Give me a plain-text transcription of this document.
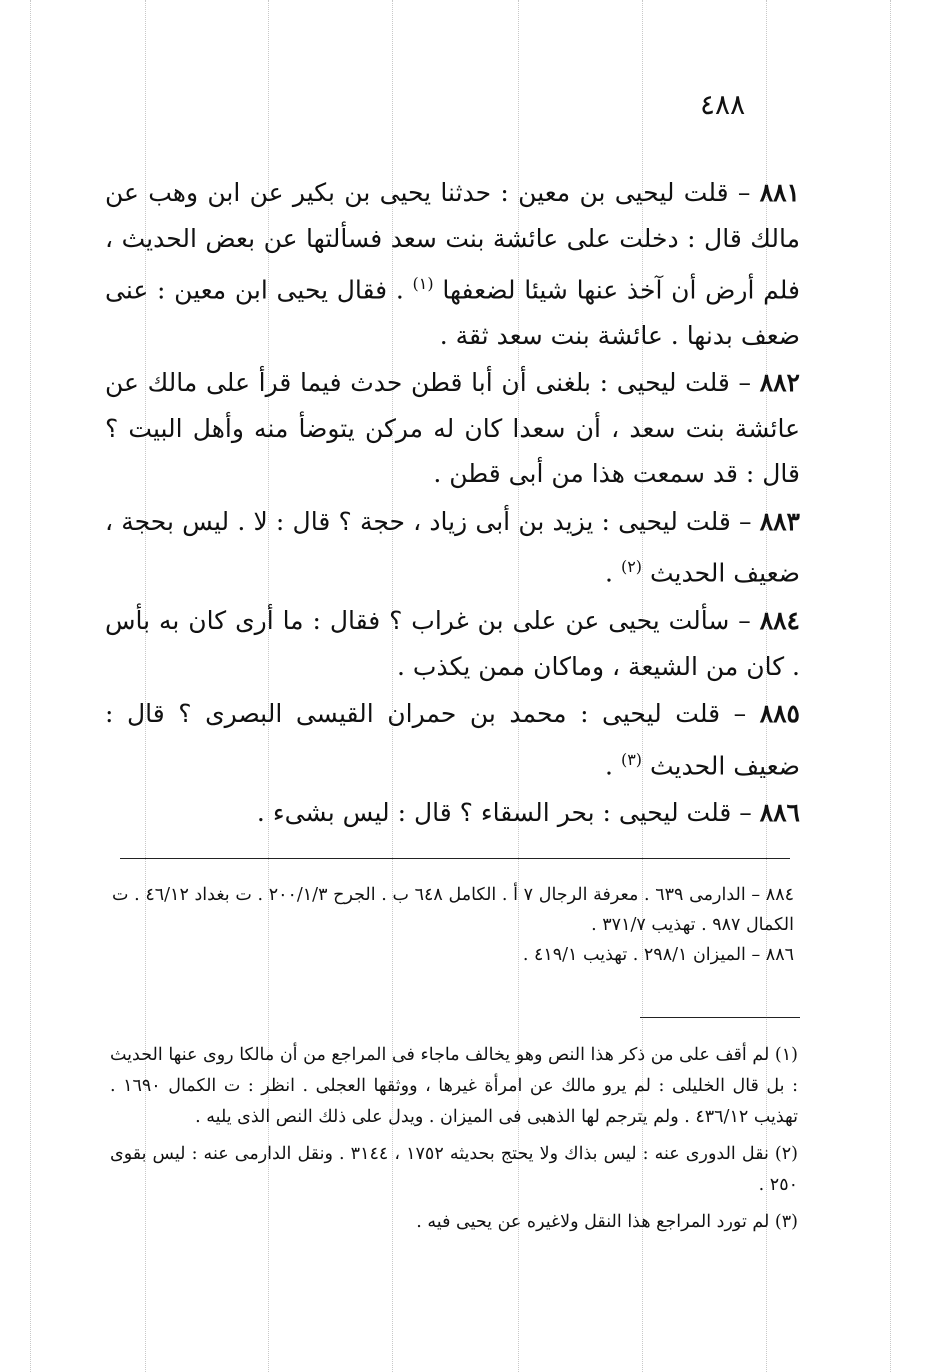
٤٨٨

٨٨١ – قلت ليحيى بن معين : حدثنا يحيى بن بكير عن ابن وهب عن مالك قال : دخلت على عائشة بنت سعد فسألتها عن بعض الحديث ، فلم أرض أن آخذ عنها شيئا لضعفها $^{(١)}$ . فقال يحيى ابن معين : عنى ضعف بدنها . عائشة بنت سعد ثقة .

٨٨٢ – قلت ليحيى : بلغنى أن أبا قطن حدث فيما قرأ على مالك عن عائشة بنت سعد ، أن سعدا كان له مركن يتوضأ منه وأهل البيت ؟ قال : قد سمعت هذا من أبى قطن .

٨٨٣ – قلت ليحيى : يزيد بن أبى زياد ، حجة ؟ قال : لا . ليس بحجة ، ضعيف الحديث $^{(٢)}$ .

٨٨٤ – سألت يحيى عن على بن غراب ؟ فقال : ما أرى كان به بأس . كان من الشيعة ، وماكان ممن يكذب .

٨٨٥ – قلت ليحيى : محمد بن حمران القيسى البصرى ؟ قال : ضعيف الحديث $^{(٣)}$ .

٨٨٦ – قلت ليحيى : بحر السقاء ؟ قال : ليس بشىء .

٨٨٤ – الدارمى ٦٣٩ . معرفة الرجال ٧ أ . الكامل ٦٤٨ ب . الجرح ٢٠٠/١/٣ . ت بغداد ٤٦/١٢ . ت الكمال ٩٨٧ . تهذيب ٣٧١/٧ .

٨٨٦ – الميزان ٢٩٨/١ . تهذيب ٤١٩/١ .

(١) لم أقف على من ذكر هذا النص وهو يخالف ماجاء فى المراجع من أن مالكا روى عنها الحديث : بل قال الخليلى : لم يرو مالك عن امرأة غيرها ، ووثقها العجلى . انظر : ت الكمال ١٦٩٠ . تهذيب ٤٣٦/١٢ . ولم يترجم لها الذهبى فى الميزان . ويدل على ذلك النص الذى يليه .

(٢) نقل الدورى عنه : ليس بذاك ولا يحتج بحديثه ١٧٥٢ ، ٣١٤٤ . ونقل الدارمى عنه : ليس بقوى ٢٥٠ .

(٣) لم تورد المراجع هذا النقل ولاغيره عن يحيى فيه .
